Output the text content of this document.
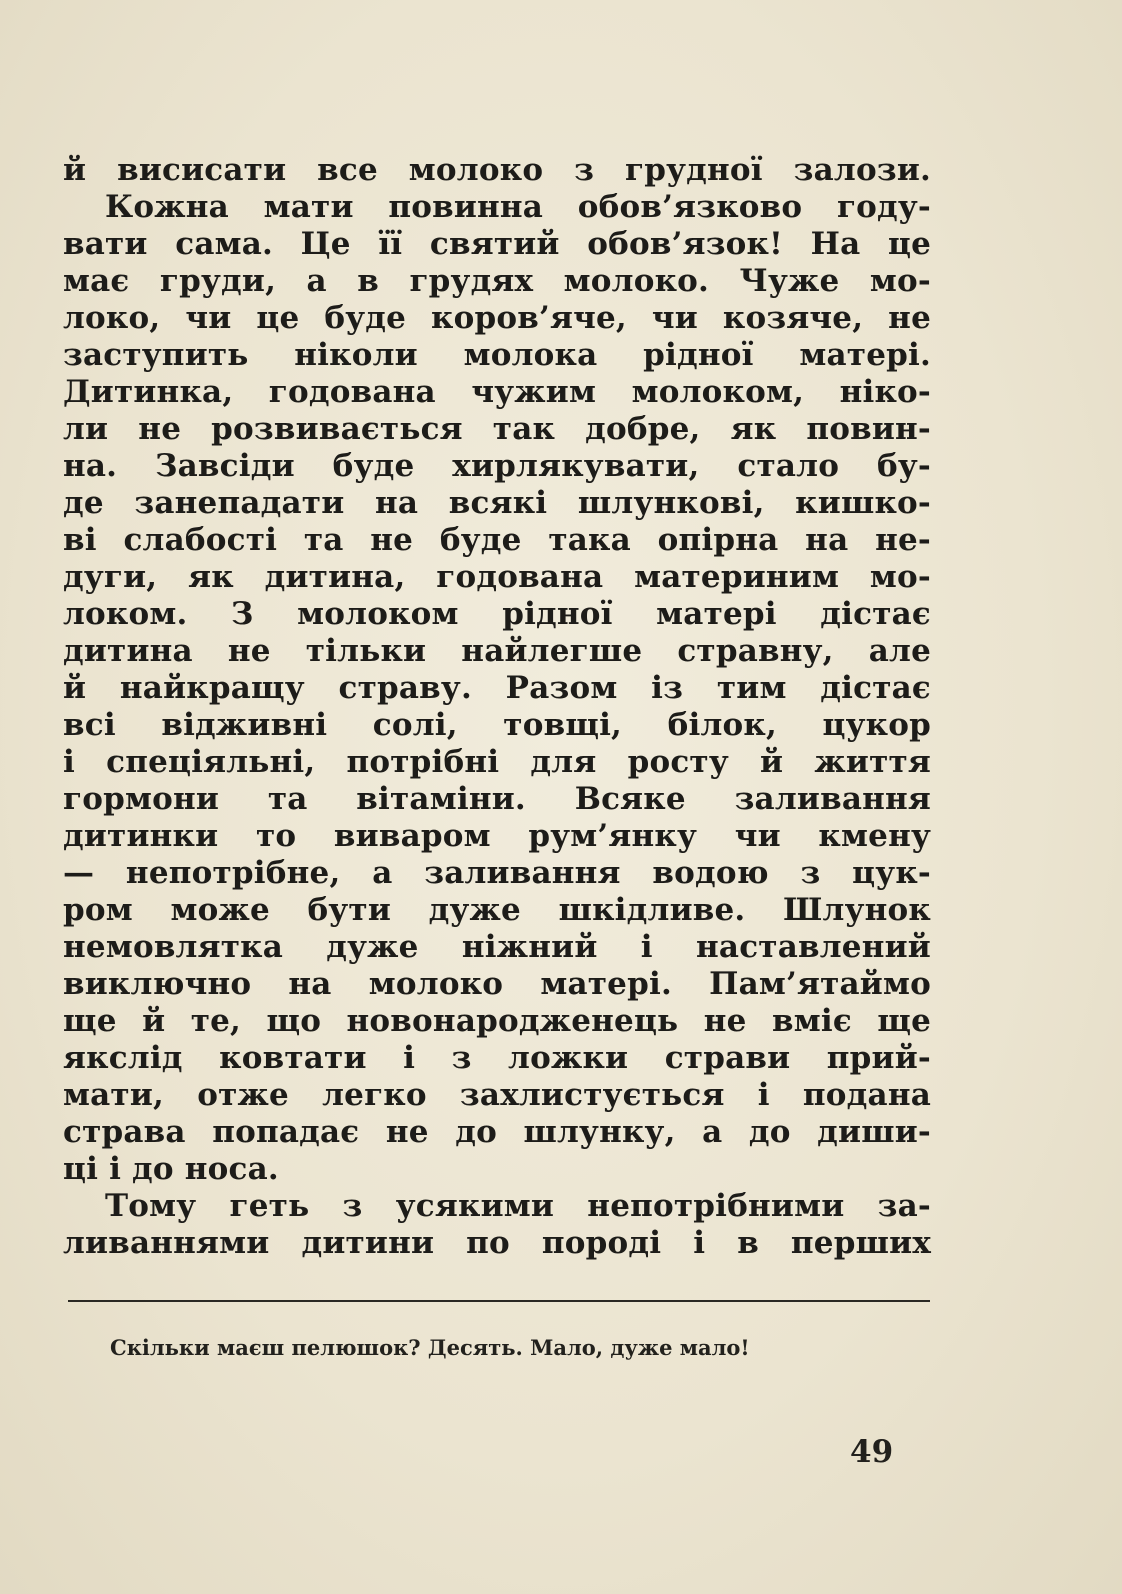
й висисати все молоко з грудної залози.
Кожна мати повинна обов’язково году-
вати сама. Це її святий обов’язок! На це
має груди, а в грудях молоко. Чуже мо-
локо, чи це буде коров’яче, чи козяче, не
заступить ніколи молока рідної матері.
Дитинка, годована чужим молоком, ніко-
ли не розвивається так добре, як повин-
на. Завсіди буде хирлякувати, стало бу-
де занепадати на всякі шлункові, кишко-
ві слабості та не буде така опірна на не-
дуги, як дитина, годована материним мо-
локом. З молоком рідної матері дістає
дитина не тільки найлегше стравну, але
й найкращу страву. Разом із тим дістає
всі відживні солі, товщі, білок, цукор
і спеціяльні, потрібні для росту й життя
гормони та вітаміни. Всяке заливання
дитинки то виваром рум’янку чи кмену
— непотрібне, а заливання водою з цук-
ром може бути дуже шкідливе. Шлунок
немовлятка дуже ніжний і наставлений
виключно на молоко матері. Пам’ятаймо
ще й те, що новонародженець не вміє ще
якслід ковтати і з ложки страви прий-
мати, отже легко захлистується і подана
страва попадає не до шлунку, а до диши-
ці і до носа.
Тому геть з усякими непотрібними за-
ливаннями дитини по породі і в перших
Скільки маєш пелюшок? Десять. Мало, дуже мало!
49
